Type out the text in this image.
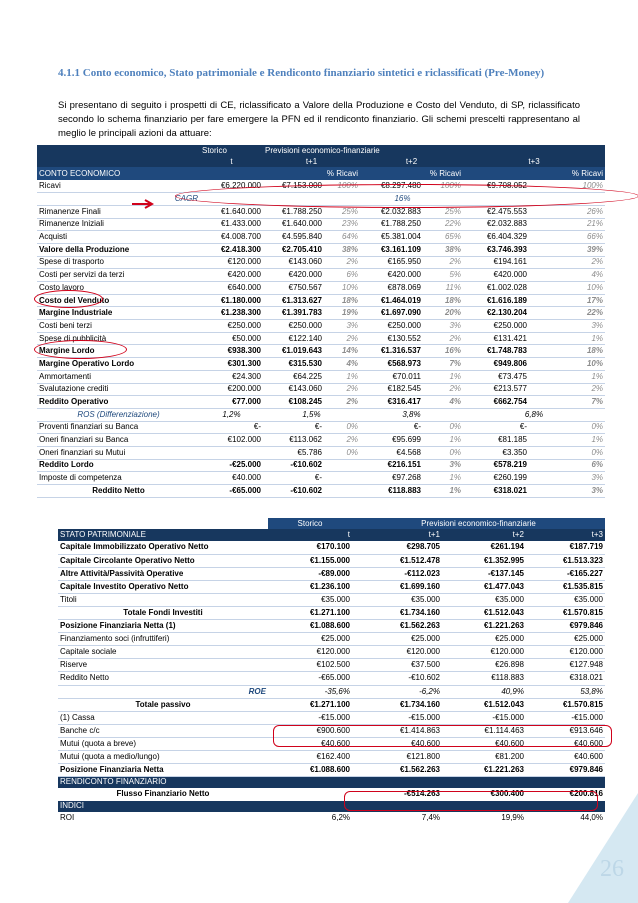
4.1.1 Conto economico, Stato patrimoniale e Rendiconto finanziario sintetici e riclassificati (Pre-Money)
Si presentano di seguito i prospetti di CE, riclassificato a Valore della Produzione e Costo del Venduto, di SP, riclassificato secondo lo schema finanziario per fare emergere la PFN ed il rendiconto finanziario. Gli schemi prescelti rappresentano al meglio le principali azioni da attuare:
	Storico	Previsioni economico-finanziarie					
	t	t+1		t+2		t+3	
CONTO ECONOMICO			% Ricavi		% Ricavi		% Ricavi
Ricavi	€6.220.000	€7.153.000	100%	€8.297.480	100%	€9.708.052	100%
CAGR	16%						
Rimanenze Finali	€1.640.000	€1.788.250	25%	€2.032.883	25%	€2.475.553	26%
Rimanenze Iniziali	€1.433.000	€1.640.000	23%	€1.788.250	22%	€2.032.883	21%
Acquisti	€4.008.700	€4.595.840	64%	€5.381.004	65%	€6.404.329	66%
Valore della Produzione	€2.418.300	€2.705.410	38%	€3.161.109	38%	€3.746.393	39%
Spese di trasporto	€120.000	€143.060	2%	€165.950	2%	€194.161	2%
Costi per servizi da terzi	€420.000	€420.000	6%	€420.000	5%	€420.000	4%
Costo lavoro	€640.000	€750.567	10%	€878.069	11%	€1.002.028	10%
Costo del Venduto	€1.180.000	€1.313.627	18%	€1.464.019	18%	€1.616.189	17%
Margine Industriale	€1.238.300	€1.391.783	19%	€1.697.090	20%	€2.130.204	22%
Costi beni terzi	€250.000	€250.000	3%	€250.000	3%	€250.000	3%
Spese di pubblicità	€50.000	€122.140	2%	€130.552	2%	€131.421	1%
Margine Lordo	€938.300	€1.019.643	14%	€1.316.537	16%	€1.748.783	18%
Margine Operativo Lordo	€301.300	€315.530	4%	€568.973	7%	€949.806	10%
Ammortamenti	€24.300	€64.225	1%	€70.011	1%	€73.475	1%
Svalutazione crediti	€200.000	€143.060	2%	€182.545	2%	€213.577	2%
Reddito Operativo	€77.000	€108.245	2%	€316.417	4%	€662.754	7%
ROS (Differenziazione)	1,2%	1,5%		3,8%		6,8%	
Proventi finanziari su Banca	€-	€-	0%	€-	0%	€-	0%
Oneri finanziari su Banca	€102.000	€113.062	2%	€95.699	1%	€81.185	1%
Oneri finanziari su Mutui		€5.786	0%	€4.568	0%	€3.350	0%
Reddito Lordo	-€25.000	-€10.602		€216.151	3%	€578.219	6%
Imposte di competenza	€40.000	€-		€97.268	1%	€260.199	3%
Reddito Netto	-€65.000	-€10.602		€118.883	1%	€318.021	3%
	Storico	Previsioni economico-finanziarie		
STATO PATRIMONIALE	t	t+1	t+2	t+3
Capitale Immobilizzato Operativo Netto	€170.100	€298.705	€261.194	€187.719
Capitale Circolante Operativo Netto	€1.155.000	€1.512.478	€1.352.995	€1.513.323
Altre Attività/Passività Operative	-€89.000	-€112.023	-€137.145	-€165.227
Capitale Investito Operativo Netto	€1.236.100	€1.699.160	€1.477.043	€1.535.815
Titoli	€35.000	€35.000	€35.000	€35.000
Totale Fondi Investiti	€1.271.100	€1.734.160	€1.512.043	€1.570.815
Posizione Finanziaria Netta (1)	€1.088.600	€1.562.263	€1.221.263	€979.846
Finanziamento soci (infruttiferi)	€25.000	€25.000	€25.000	€25.000
Capitale sociale	€120.000	€120.000	€120.000	€120.000
Riserve	€102.500	€37.500	€26.898	€127.948
Reddito Netto	-€65.000	-€10.602	€118.883	€318.021
ROE	-35,6%	-6,2%	40,9%	53,8%
Totale passivo	€1.271.100	€1.734.160	€1.512.043	€1.570.815
(1) Cassa	-€15.000	-€15.000	-€15.000	-€15.000
Banche c/c	€900.600	€1.414.863	€1.114.463	€913.646
Mutui (quota a breve)	€40.600	€40.600	€40.600	€40.600
Mutui (quota a medio/lungo)	€162.400	€121.800	€81.200	€40.600
Posizione Finanziaria Netta	€1.088.600	€1.562.263	€1.221.263	€979.846
RENDICONTO FINANZIARIO				
Flusso Finanziario Netto		-€514.263	€300.400	€200.816
INDICI				
ROI	6,2%	7,4%	19,9%	44,0%
26
